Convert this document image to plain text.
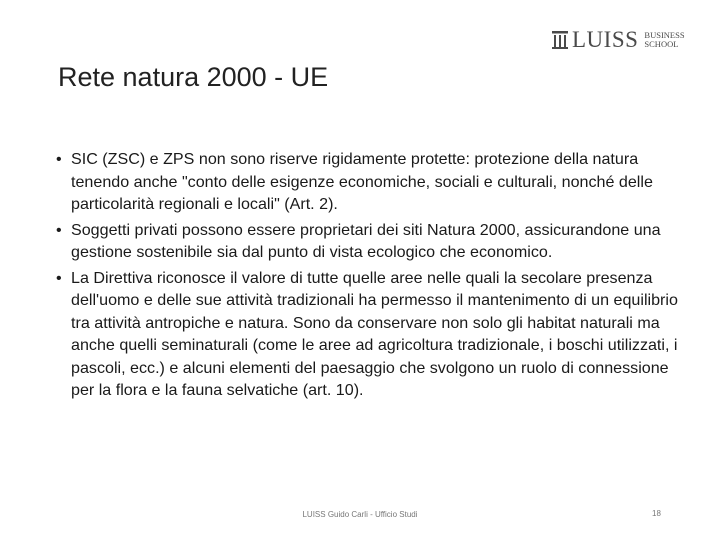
LUISS BUSINESS
SCHOOL
Rete natura 2000 - UE
• SIC (ZSC) e ZPS non sono riserve rigidamente protette: protezione della natura tenendo anche "conto delle esigenze economiche, sociali e culturali, nonché delle particolarità regionali e locali" (Art. 2).
• Soggetti privati possono essere proprietari dei siti Natura 2000, assicurandone una gestione sostenibile sia dal punto di vista ecologico che economico.
• La Direttiva riconosce il valore di tutte quelle aree nelle quali la secolare presenza dell'uomo e delle sue attività tradizionali ha permesso il mantenimento di un equilibrio tra attività antropiche e natura. Sono da conservare non solo gli habitat naturali ma anche quelli seminaturali (come le aree ad agricoltura tradizionale, i boschi utilizzati, i pascoli, ecc.) e alcuni elementi del paesaggio che svolgono un ruolo di connessione per la flora e la fauna selvatiche (art. 10).
LUISS Guido Carli - Ufficio Studi	18
